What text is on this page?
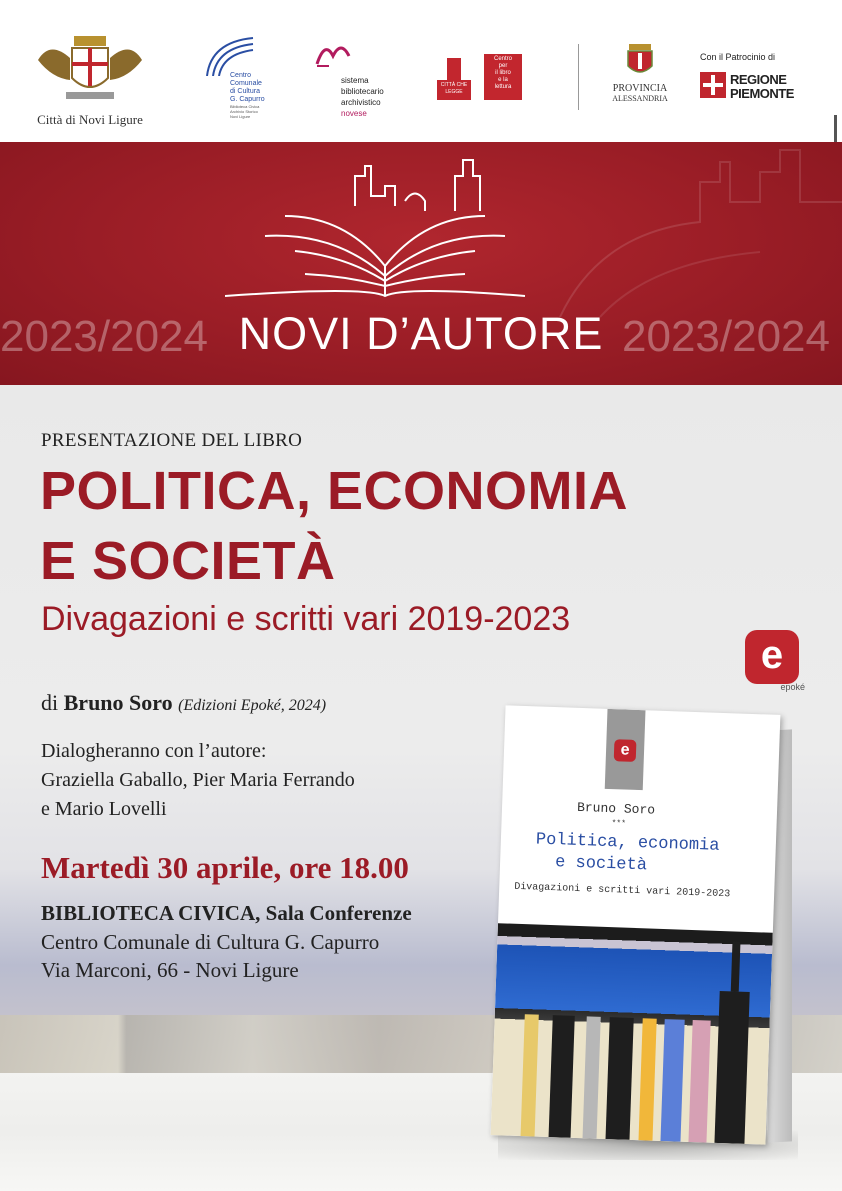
Città di Novi Ligure
Centro
Comunale
di Cultura
G. Capurro
Biblioteca Civica
Archivio Storico
Novi Ligure
sistema
bibliotecario
archivistico
novese
CITTÀ CHE LEGGE
Centro
per
il libro
e la
lettura	PROVINCIA
ALESSANDRIA
Con il Patrocinio di
REGIONE
PIEMONTE
2023/2024 NOVI D’AUTORE 2023/2024
PRESENTAZIONE DEL LIBRO
POLITICA, ECONOMIA
E SOCIETÀ
Divagazioni e scritti vari 2019-2023
e
epoké
di Bruno Soro (Edizioni Epoké, 2024)
Dialogheranno con l’autore:
Graziella Gaballo, Pier Maria Ferrando
e Mario Lovelli
Martedì 30 aprile, ore 18.00
BIBLIOTECA CIVICA, Sala Conferenze
Centro Comunale di Cultura G. Capurro
Via Marconi, 66 - Novi Ligure
e
Bruno Soro
***
Politica, economia
e società
Divagazioni e scritti vari 2019-2023
